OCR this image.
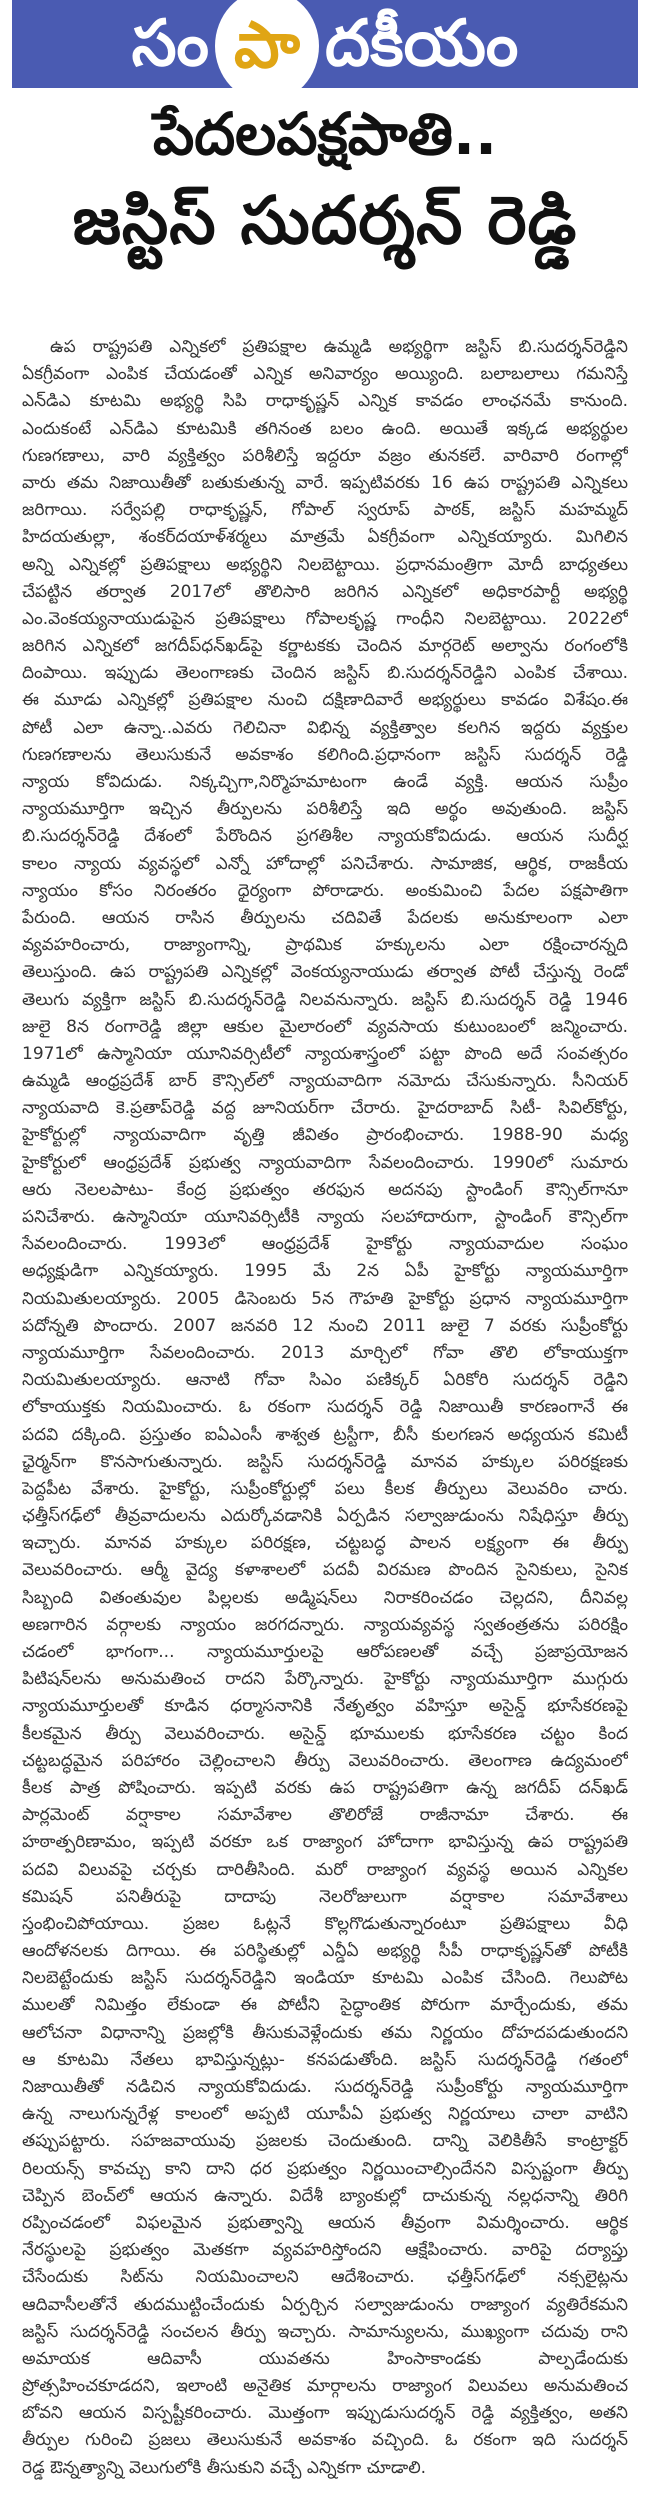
సం పా దకీయం
పేదలపక్షపాతి..
జస్టిస్ సుదర్శన్ రెడ్డి
ఉప రాష్ట్రపతి ఎన్నికలో ప్రతిపక్షాల ఉమ్మడి అభ్యర్థిగా జస్టిస్ బి.సుదర్శన్‌రెడ్డిని
ఏకగ్రీవంగా ఎంపిక చేయడంతో ఎన్నిక అనివార్యం అయ్యింది. బలాబలాలు గమనిస్తే
ఎన్‌డిఎ కూటమి అభ్యర్థి సిపి రాధాకృష్ణన్ ఎన్నిక కావడం లాంఛనమే కానుంది.
ఎందుకంటే ఎన్‌డిఎ కూటమికి తగినంత బలం ఉంది. అయితే ఇక్కడ అభ్యర్థుల
గుణగణాలు, వారి వ్యక్తిత్వం పరిశీలిస్తే ఇద్దరూ వజ్రం తునకలే. వారివారి రంగాల్లో
వారు తమ నిజాయితీతో బతుకుతున్న వారే. ఇప్పటివరకు 16 ఉప రాష్ట్రపతి ఎన్నికలు
జరిగాయి. సర్వేపల్లి రాధాకృష్ణన్, గోపాల్ స్వరూప్ పాఠక్, జస్టిస్ మహమ్మద్
హిదయతుల్లా, శంకర్‌దయాళ్‌శర్మలు మాత్రమే ఏకగ్రీవంగా ఎన్నికయ్యారు. మిగిలిన
అన్ని ఎన్నికల్లో ప్రతిపక్షాలు అభ్యర్థిని నిలబెట్టాయి. ప్రధానమంత్రిగా మోదీ బాధ్యతలు
చేపట్టిన తర్వాత 2017లో తొలిసారి జరిగిన ఎన్నికలో అధికారపార్టీ అభ్యర్థి
ఎం.వెంకయ్యనాయుడుపైన ప్రతిపక్షాలు గోపాలకృష్ణ గాంధీని నిలబెట్టాయి. 2022లో
జరిగిన ఎన్నికలో జగదీప్‌ధన్‌ఖడ్‌పై కర్ణాటకకు చెందిన మార్గరెట్ అల్వాను రంగంలోకి
దింపాయి. ఇప్పుడు తెలంగాణకు చెందిన జస్టిస్ బి.సుదర్శన్‌రెడ్డిని ఎంపిక చేశాయి.
ఈ మూడు ఎన్నికల్లో ప్రతిపక్షాల నుంచి దక్షిణాదివారే అభ్యర్థులు కావడం విశేషం.ఈ
పోటీ ఎలా ఉన్నా..ఎవరు గెలిచినా విభిన్న వ్యక్తిత్వాల కలగిన ఇద్దరు వ్యక్తుల
గుణగణాలను తెలుసుకునే అవకాశం కలిగింది.ప్రధానంగా జస్టిస్ సుదర్శన్ రెడ్డి
న్యాయ కోవిదుడు. నిక్కచ్చిగా,నిర్మొహమాటంగా ఉండే వ్యక్తి. ఆయన సుప్రీం
న్యాయమూర్తిగా ఇచ్చిన తీర్పులను పరిశీలిస్తే ఇది అర్థం అవుతుంది. జస్టిస్
బి.సుదర్శన్‌రెడ్డి దేశంలో పేరొందిన ప్రగతిశీల న్యాయకోవిదుడు. ఆయన సుదీర్ఘ
కాలం న్యాయ వ్యవస్థలో ఎన్నో హోదాల్లో పనిచేశారు. సామాజిక, ఆర్థిక, రాజకీయ
న్యాయం కోసం నిరంతరం ధైర్యంగా పోరాడారు. అంకుమించి పేదల పక్షపాతిగా
పేరుంది. ఆయన రాసిన తీర్పులను చదివితే పేదలకు అనుకూలంగా ఎలా
వ్యవహరించారు, రాజ్యాంగాన్ని, ప్రాథమిక హక్కులను ఎలా రక్షించారన్నది
తెలుస్తుంది. ఉప రాష్ట్రపతి ఎన్నికల్లో వెంకయ్యనాయుడు తర్వాత పోటీ చేస్తున్న రెండో
తెలుగు వ్యక్తిగా జస్టిస్ బి.సుదర్శన్‌రెడ్డి నిలవనున్నారు. జస్టిస్ బి.సుదర్శన్ రెడ్డి 1946
జులై 8న రంగారెడ్డి జిల్లా ఆకుల మైలారంలో వ్యవసాయ కుటుంబంలో జన్మించారు.
1971లో ఉస్మానియా యూనివర్సిటీలో న్యాయశాస్త్రంలో పట్టా పొంది అదే సంవత్సరం
ఉమ్మడి ఆంధ్రప్రదేశ్ బార్ కౌన్సిల్‌లో న్యాయవాదిగా నమోదు చేసుకున్నారు. సీనియర్
న్యాయవాది కె.ప్రతాప్‌రెడ్డి వద్ద జూనియర్‌గా చేరారు. హైదరాబాద్ సిటీ- సివిల్‌కోర్టు,
హైకోర్టుల్లో న్యాయవాదిగా వృత్తి జీవితం ప్రారంభించారు. 1988-90 మధ్య
హైకోర్టులో ఆంధ్రప్రదేశ్ ప్రభుత్వ న్యాయవాదిగా సేవలందించారు. 1990లో సుమారు
ఆరు నెలలపాటు- కేంద్ర ప్రభుత్వం తరఫున అదనపు స్టాండింగ్ కౌన్సిల్‌గానూ
పనిచేశారు. ఉస్మానియా యూనివర్సిటీకి న్యాయ సలహాదారుగా, స్టాండింగ్ కౌన్సిల్‌గా
సేవలందించారు. 1993లో ఆంధ్రప్రదేశ్ హైకోర్టు న్యాయవాదుల సంఘం
అధ్యక్షుడిగా ఎన్నికయ్యారు. 1995 మే 2న ఏపీ హైకోర్టు న్యాయమూర్తిగా
నియమితులయ్యారు. 2005 డిసెంబరు 5న గౌహతి హైకోర్టు ప్రధాన న్యాయమూర్తిగా
పదోన్నతి పొందారు. 2007 జనవరి 12 నుంచి 2011 జులై 7 వరకు సుప్రీంకోర్టు
న్యాయమూర్తిగా సేవలందించారు. 2013 మార్చిలో గోవా తొలి లోకాయుక్తగా
నియమితులయ్యారు. ఆనాటి గోవా సిఎం పణిక్కర్ ఏరికోరి సుదర్శన్ రెడ్డిని
లోకాయుక్తకు నియమించారు. ఓ రకంగా సుదర్శన్ రెడ్డి నిజాయితీ కారణంగానే ఈ
పదవి దక్కింది. ప్రస్తుతం ఐఏఎంసీ శాశ్వత ట్రస్టీగా, బీసీ కులగణన అధ్యయన కమిటీ
ఛైర్మన్‌గా కొనసాగుతున్నారు. జస్టిస్ సుదర్శన్‌రెడ్డి మానవ హక్కుల పరిరక్షణకు
పెద్దపీట వేశారు. హైకోర్టు, సుప్రీంకోర్టుల్లో పలు కీలక తీర్పులు వెలువరిం చారు.
ఛత్తీస్‌గఢ్‌లో తీవ్రవాదులను ఎదుర్కోవడానికి ఏర్పడిన సల్వాజుడుంను నిషేధిస్తూ తీర్పు
ఇచ్చారు. మానవ హక్కుల పరిరక్షణ, చట్టబద్ధ పాలన లక్ష్యంగా ఈ తీర్పు
వెలువరించారు. ఆర్మీ వైద్య కళాశాలలో పదవీ విరమణ పొందిన సైనికులు, సైనిక
సిబ్బంది వితంతువుల పిల్లలకు అడ్మిషన్‌లు నిరాకరించడం చెల్లదని, దీనివల్ల
అణగారిన వర్గాలకు న్యాయం జరగదన్నారు. న్యాయవ్యవస్థ స్వతంత్రతను పరిరక్షిం
చడంలో భాగంగా... న్యాయమూర్తులపై ఆరోపణలతో వచ్చే ప్రజాప్రయోజన
పిటిషన్‌లను అనుమతించ రాదని పేర్కొన్నారు. హైకోర్టు న్యాయమూర్తిగా ముగ్గురు
న్యాయమూర్తులతో కూడిన ధర్మాసనానికి నేతృత్వం వహిస్తూ అసైన్డ్ భూసేకరణపై
కీలకమైన తీర్పు వెలువరించారు. అసైన్డ్ భూములకు భూసేకరణ చట్టం కింద
చట్టబద్ధమైన పరిహారం చెల్లించాలని తీర్పు వెలువరించారు. తెలంగాణ ఉద్యమంలో
కీలక పాత్ర పోషించారు. ఇప్పటి వరకు ఉప రాష్ట్రపతిగా ఉన్న జగదీప్ దన్‌ఖడ్
పార్లమెంట్ వర్షాకాల సమావేశాల తొలిరోజే రాజీనామా చేశారు. ఈ
హఠాత్పరిణామం, ఇప్పటి వరకూ ఒక రాజ్యాంగ హోదాగా భావిస్తున్న ఉప రాష్ట్రపతి
పదవి విలువపై చర్చకు దారితీసింది. మరో రాజ్యాంగ వ్యవస్థ అయిన ఎన్నికల
కమిషన్ పనితీరుపై దాదాపు నెలరోజులుగా వర్షాకాల సమావేశాలు
స్తంభించిపోయాయి. ప్రజల ఓట్లనే కొల్లగొడుతున్నారంటూ ప్రతిపక్షాలు వీధి
ఆందోళనలకు దిగాయి. ఈ పరిస్థితుల్లో ఎన్డీఏ అభ్యర్థి సీపీ రాధాకృష్ణన్‌తో పోటీకి
నిలబెట్టేందుకు జస్టిస్ సుదర్శన్‌రెడ్డిని ఇండియా కూటమి ఎంపిక చేసింది. గెలుపోట
ములతో నిమిత్తం లేకుండా ఈ పోటీని సైద్ధాంతిక పోరుగా మార్చేందుకు, తమ
ఆలోచనా విధానాన్ని ప్రజల్లోకి తీసుకువెళ్లేందుకు తమ నిర్ణయం దోహదపడుతుందని
ఆ కూటమి నేతలు భావిస్తున్నట్లు- కనపడుతోంది. జస్టిస్ సుదర్శన్‌రెడ్డి గతంలో
నిజాయితీతో నడిచిన న్యాయకోవిదుడు. సుదర్శన్‌రెడ్డి సుప్రీంకోర్టు న్యాయమూర్తిగా
ఉన్న నాలుగున్నరేళ్ల కాలంలో అప్పటి యూపీఏ ప్రభుత్వ నిర్ణయాలు చాలా వాటిని
తప్పుపట్టారు. సహజవాయువు ప్రజలకు చెందుతుంది. దాన్ని వెలికితీసే కాంట్రాక్టర్
రిలయన్స్ కావచ్చు కాని దాని ధర ప్రభుత్వం నిర్ణయించాల్సిందేనని విస్పష్టంగా తీర్పు
చెప్పిన బెంచ్‌లో ఆయన ఉన్నారు. విదేశీ బ్యాంకుల్లో దాచుకున్న నల్లధనాన్ని తిరిగి
రప్పించడంలో విఫలమైన ప్రభుత్వాన్ని ఆయన తీవ్రంగా విమర్శించారు. ఆర్థిక
నేరస్థులపై ప్రభుత్వం మెతకగా వ్యవహరిస్తోందని ఆక్షేపించారు. వారిపై దర్యాప్తు
చేసేందుకు సిట్‌ను నియమించాలని ఆదేశించారు. ఛత్తీస్‌గఢ్‌లో నక్సలైట్లను
ఆదివాసీలతోనే తుదముట్టించేందుకు ఏర్పర్చిన సల్వాజుడుంను రాజ్యాంగ వ్యతిరేకమని
జస్టిస్ సుదర్శన్‌రెడ్డి సంచలన తీర్పు ఇచ్చారు. సామాన్యులను, ముఖ్యంగా చదువు రాని
అమాయక ఆదివాసీ యువతను హింసాకాండకు పాల్పడేందుకు
ప్రోత్సహించకూడదని, ఇలాంటి అనైతిక మార్గాలను రాజ్యాంగ విలువలు అనుమతించ
బోవని ఆయన విస్పష్టీకరించారు. మొత్తంగా ఇప్పుడుసుదర్శన్ రెడ్డి వ్యక్తిత్వం, అతని
తీర్పుల గురించి ప్రజలు తెలుసుకునే అవకాశం వచ్చింది. ఓ రకంగా ఇది సుదర్శన్
రెడ్డ ఔన్నత్యాన్ని వెలుగులోకి తీసుకుని వచ్చే ఎన్నికగా చూడాలి.
